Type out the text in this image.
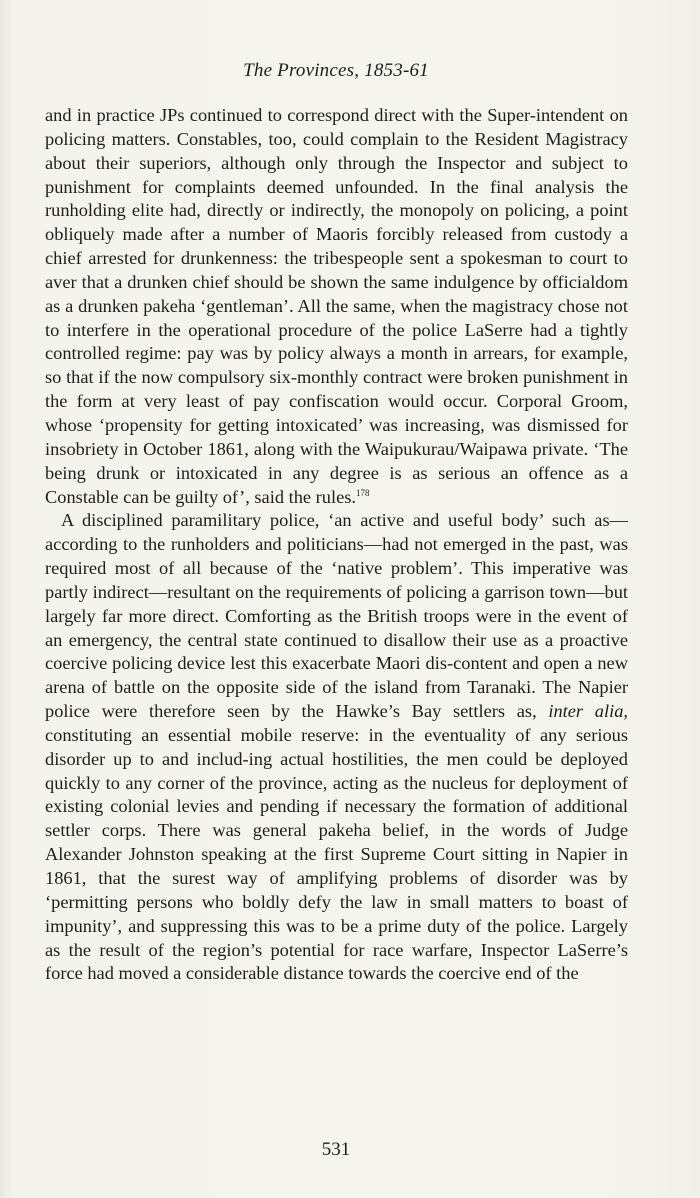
The Provinces, 1853-61

and in practice JPs continued to correspond direct with the Super-intendent on policing matters. Constables, too, could complain to the Resident Magistracy about their superiors, although only through the Inspector and subject to punishment for complaints deemed unfounded. In the final analysis the runholding elite had, directly or indirectly, the monopoly on policing, a point obliquely made after a number of Maoris forcibly released from custody a chief arrested for drunkenness: the tribespeople sent a spokesman to court to aver that a drunken chief should be shown the same indulgence by officialdom as a drunken pakeha ‘gentleman’. All the same, when the magistracy chose not to interfere in the operational procedure of the police LaSerre had a tightly controlled regime: pay was by policy always a month in arrears, for example, so that if the now compulsory six-monthly contract were broken punishment in the form at very least of pay confiscation would occur. Corporal Groom, whose ‘propensity for getting intoxicated’ was increasing, was dismissed for insobriety in October 1861, along with the Waipukurau/Waipawa private. ‘The being drunk or intoxicated in any degree is as serious an offence as a Constable can be guilty of’, said the rules.$^{178}$

A disciplined paramilitary police, ‘an active and useful body’ such as—according to the runholders and politicians—had not emerged in the past, was required most of all because of the ‘native problem’. This imperative was partly indirect—resultant on the requirements of policing a garrison town—but largely far more direct. Comforting as the British troops were in the event of an emergency, the central state continued to disallow their use as a proactive coercive policing device lest this exacerbate Maori dis-content and open a new arena of battle on the opposite side of the island from Taranaki. The Napier police were therefore seen by the Hawke’s Bay settlers as, inter alia, constituting an essential mobile reserve: in the eventuality of any serious disorder up to and includ-ing actual hostilities, the men could be deployed quickly to any corner of the province, acting as the nucleus for deployment of existing colonial levies and pending if necessary the formation of additional settler corps. There was general pakeha belief, in the words of Judge Alexander Johnston speaking at the first Supreme Court sitting in Napier in 1861, that the surest way of amplifying problems of disorder was by ‘permitting persons who boldly defy the law in small matters to boast of impunity’, and suppressing this was to be a prime duty of the police. Largely as the result of the region’s potential for race warfare, Inspector LaSerre’s force had moved a considerable distance towards the coercive end of the

531
